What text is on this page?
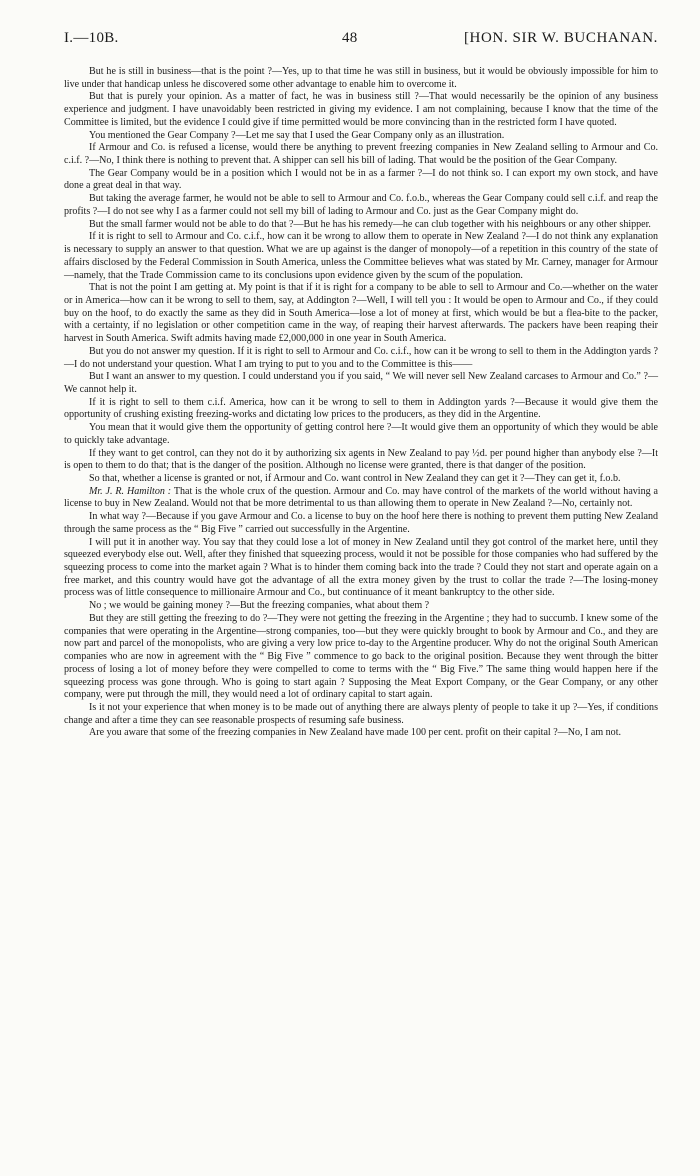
I.—10B.	48	[HON. SIR W. BUCHANAN.

But he is still in business—that is the point ?—Yes, up to that time he was still in business, but it would be obviously impossible for him to live under that handicap unless he discovered some other advantage to enable him to overcome it.

But that is purely your opinion. As a matter of fact, he was in business still ?—That would necessarily be the opinion of any business experience and judgment. I have unavoidably been restricted in giving my evidence. I am not complaining, because I know that the time of the Committee is limited, but the evidence I could give if time permitted would be more convincing than in the restricted form I have quoted.

You mentioned the Gear Company ?—Let me say that I used the Gear Company only as an illustration.

If Armour and Co. is refused a license, would there be anything to prevent freezing companies in New Zealand selling to Armour and Co. c.i.f. ?—No, I think there is nothing to prevent that. A shipper can sell his bill of lading. That would be the position of the Gear Company.

The Gear Company would be in a position which I would not be in as a farmer ?—I do not think so. I can export my own stock, and have done a great deal in that way.

But taking the average farmer, he would not be able to sell to Armour and Co. f.o.b., whereas the Gear Company could sell c.i.f. and reap the profits ?—I do not see why I as a farmer could not sell my bill of lading to Armour and Co. just as the Gear Company might do.

But the small farmer would not be able to do that ?—But he has his remedy—he can club together with his neighbours or any other shipper.

If it is right to sell to Armour and Co. c.i.f., how can it be wrong to allow them to operate in New Zealand ?—I do not think any explanation is necessary to supply an answer to that question. What we are up against is the danger of monopoly—of a repetition in this country of the state of affairs disclosed by the Federal Commission in South America, unless the Committee believes what was stated by Mr. Carney, manager for Armour—namely, that the Trade Commission came to its conclusions upon evidence given by the scum of the population.

That is not the point I am getting at. My point is that if it is right for a company to be able to sell to Armour and Co.—whether on the water or in America—how can it be wrong to sell to them, say, at Addington ?—Well, I will tell you : It would be open to Armour and Co., if they could buy on the hoof, to do exactly the same as they did in South America—lose a lot of money at first, which would be but a flea-bite to the packer, with a certainty, if no legislation or other competition came in the way, of reaping their harvest afterwards. The packers have been reaping their harvest in South America. Swift admits having made £2,000,000 in one year in South America.

But you do not answer my question. If it is right to sell to Armour and Co. c.i.f., how can it be wrong to sell to them in the Addington yards ?—I do not understand your question. What I am trying to put to you and to the Committee is this——

But I want an answer to my question. I could understand you if you said, “ We will never sell New Zealand carcases to Armour and Co.” ?—We cannot help it.

If it is right to sell to them c.i.f. America, how can it be wrong to sell to them in Addington yards ?—Because it would give them the opportunity of crushing existing freezing-works and dictating low prices to the producers, as they did in the Argentine.

You mean that it would give them the opportunity of getting control here ?—It would give them an opportunity of which they would be able to quickly take advantage.

If they want to get control, can they not do it by authorizing six agents in New Zealand to pay ½d. per pound higher than anybody else ?—It is open to them to do that; that is the danger of the position. Although no license were granted, there is that danger of the position.

So that, whether a license is granted or not, if Armour and Co. want control in New Zealand they can get it ?—They can get it, f.o.b.

Mr. J. R. Hamilton : That is the whole crux of the question. Armour and Co. may have control of the markets of the world without having a license to buy in New Zealand. Would not that be more detrimental to us than allowing them to operate in New Zealand ?—No, certainly not.

In what way ?—Because if you gave Armour and Co. a license to buy on the hoof here there is nothing to prevent them putting New Zealand through the same process as the “ Big Five ” carried out successfully in the Argentine.

I will put it in another way. You say that they could lose a lot of money in New Zealand until they got control of the market here, until they squeezed everybody else out. Well, after they finished that squeezing process, would it not be possible for those companies who had suffered by the squeezing process to come into the market again ? What is to hinder them coming back into the trade ? Could they not start and operate again on a free market, and this country would have got the advantage of all the extra money given by the trust to collar the trade ?—The losing-money process was of little consequence to millionaire Armour and Co., but continuance of it meant bankruptcy to the other side.

No ; we would be gaining money ?—But the freezing companies, what about them ?

But they are still getting the freezing to do ?—They were not getting the freezing in the Argentine ; they had to succumb. I knew some of the companies that were operating in the Argentine—strong companies, too—but they were quickly brought to book by Armour and Co., and they are now part and parcel of the monopolists, who are giving a very low price to-day to the Argentine producer. Why do not the original South American companies who are now in agreement with the “ Big Five ” commence to go back to the original position. Because they went through the bitter process of losing a lot of money before they were compelled to come to terms with the “ Big Five.” The same thing would happen here if the squeezing process was gone through. Who is going to start again ? Supposing the Meat Export Company, or the Gear Company, or any other company, were put through the mill, they would need a lot of ordinary capital to start again.

Is it not your experience that when money is to be made out of anything there are always plenty of people to take it up ?—Yes, if conditions change and after a time they can see reasonable prospects of resuming safe business.

Are you aware that some of the freezing companies in New Zealand have made 100 per cent. profit on their capital ?—No, I am not.
